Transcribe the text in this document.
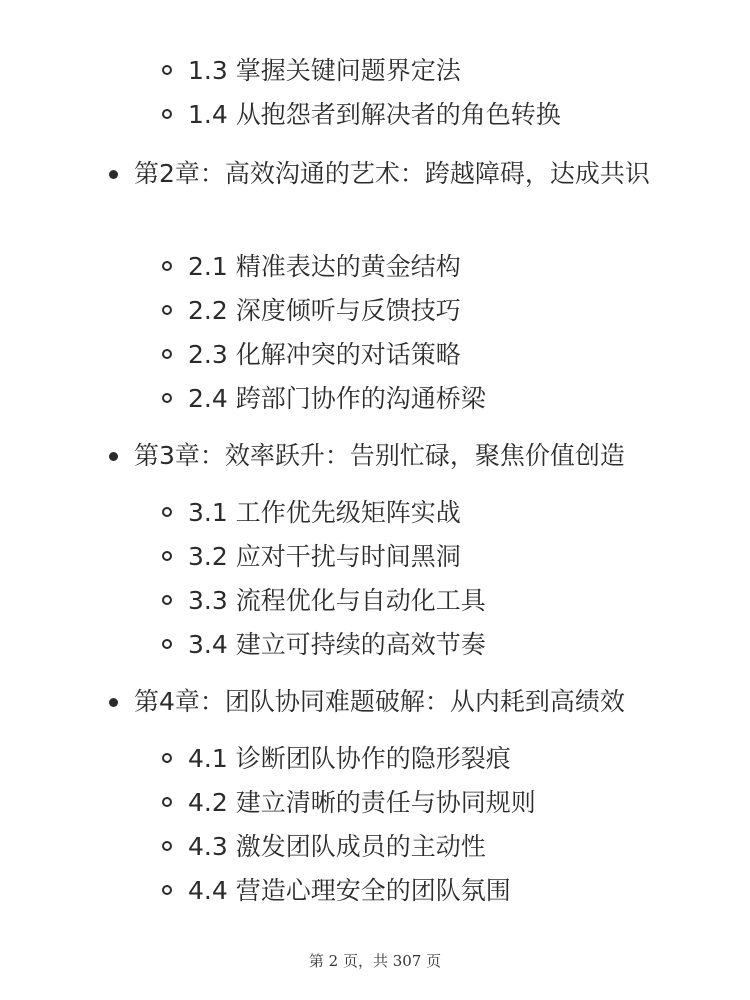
1.3 掌握关键问题界定法
1.4 从抱怨者到解决者的角色转换
第2章：高效沟通的艺术：跨越障碍，达成共识
2.1 精准表达的黄金结构
2.2 深度倾听与反馈技巧
2.3 化解冲突的对话策略
2.4 跨部门协作的沟通桥梁
第3章：效率跃升：告别忙碌，聚焦价值创造
3.1 工作优先级矩阵实战
3.2 应对干扰与时间黑洞
3.3 流程优化与自动化工具
3.4 建立可持续的高效节奏
第4章：团队协同难题破解：从内耗到高绩效
4.1 诊断团队协作的隐形裂痕
4.2 建立清晰的责任与协同规则
4.3 激发团队成员的主动性
4.4 营造心理安全的团队氛围
第 2 页，共 307 页
